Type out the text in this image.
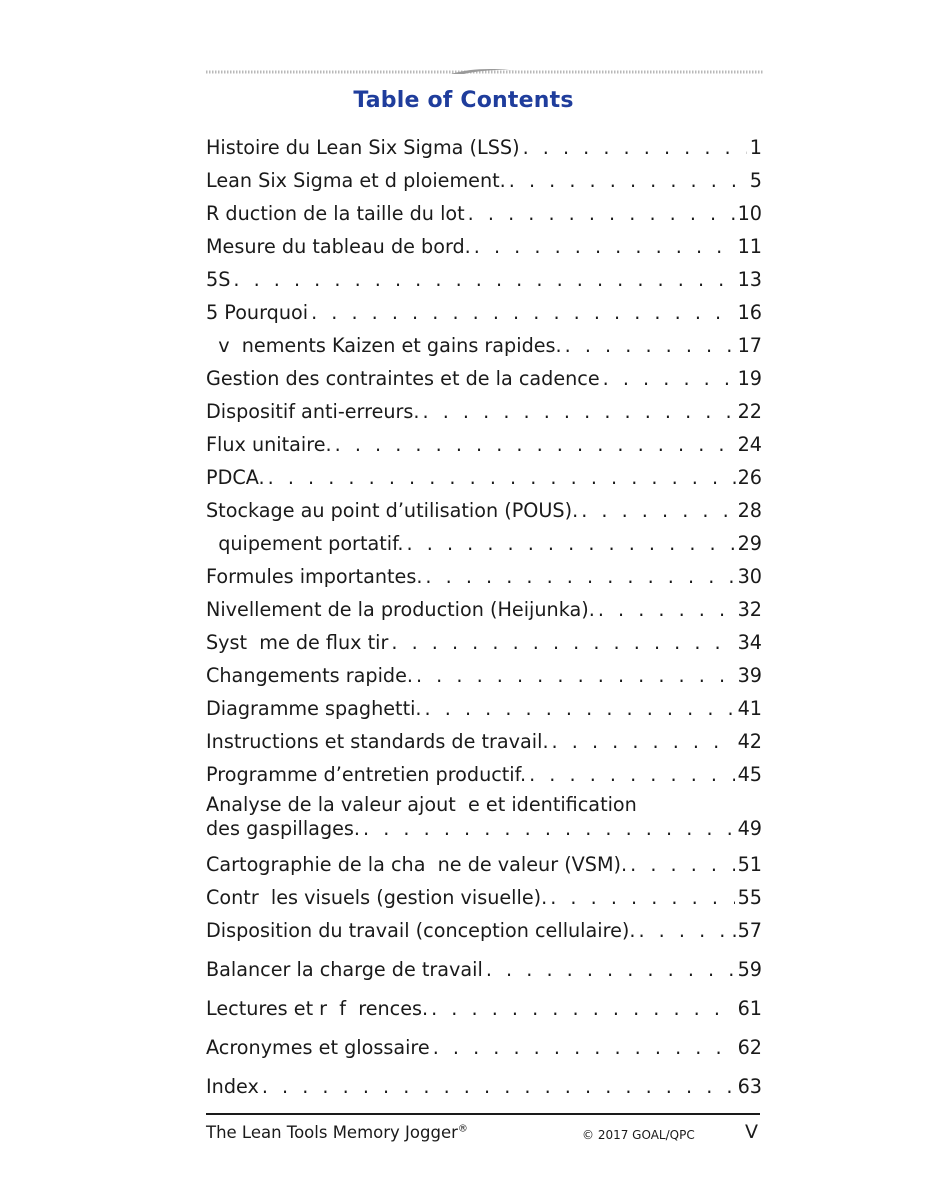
Table of Contents
Histoire du Lean Six Sigma (LSS) . . .	1
Lean Six Sigma et d ploiement. . . .	5
R duction de la taille du lot . . .	10
Mesure du tableau de bord. . . .	11
5S . . .	13
5 Pourquoi . . .	16
v  nements Kaizen et gains rapides. . . .	17
Gestion des contraintes et de la cadence . . .	19
Dispositif anti-erreurs. . . .	22
Flux unitaire. . . .	24
PDCA. . . .	.26
Stockage au point d’utilisation (POUS). . . .	28
quipement portatif. . . .	29
Formules importantes. . . .	30
Nivellement de la production (Heijunka). . . .	32
Syst  me de flux tir . . .	34
Changements rapide. . . .	39
Diagramme spaghetti. . . .	41
Instructions et standards de travail. . . .	42
Programme d’entretien productif. . . .	45
Analyse de la valeur ajout  e et identification
des gaspillages. . . .	49
Cartographie de la cha  ne de valeur (VSM). . . .	51
Contr  les visuels (gestion visuelle). . . .	55
Disposition du travail (conception cellulaire). . . .	.57
Balancer la charge de travail . . .	59
Lectures et r  f  rences. . . .	61
Acronymes et glossaire . . .	62
Index . . .	63
The Lean Tools Memory Jogger®	© 2017 GOAL/QPC	V
